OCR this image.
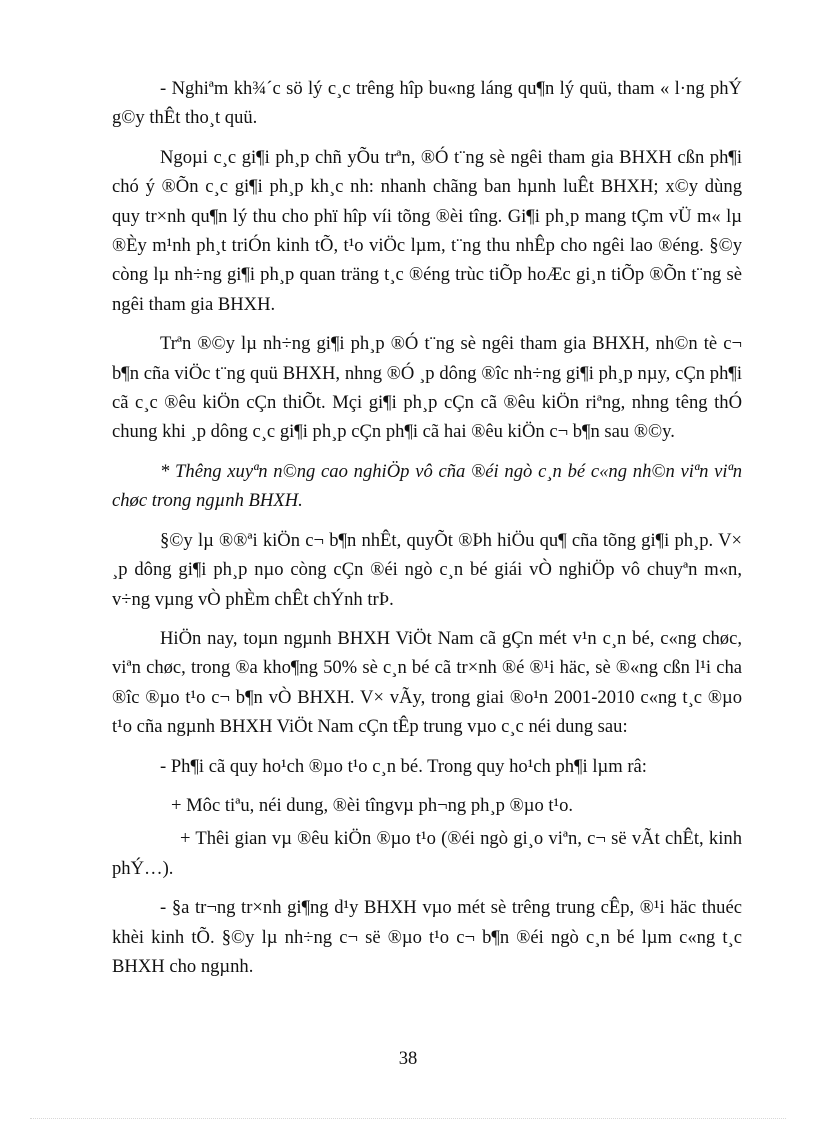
- Nghiªm kh¾´c sö lý c¸c trêng hîp bu«ng láng qu¶n lý quü, tham « l·ng phÝ g©y thÊt tho¸t quü.

Ngoµi c¸c gi¶i ph¸p chñ yÕu trªn, ®Ó t¨ng sè ngêi tham gia BHXH cßn ph¶i chó ý ®Õn c¸c gi¶i ph¸p kh¸c nh: nhanh chãng ban hµnh luÊt BHXH; x©y dùng quy tr×nh qu¶n lý thu cho phï hîp víi tõng ®èi tîng. Gi¶i ph¸p mang tÇm vÜ m« lµ ®Èy m¹nh ph¸t triÓn kinh tÕ, t¹o viÖc lµm, t¨ng thu nhÊp cho ngêi lao ®éng. §©y còng lµ nh÷ng gi¶i ph¸p quan träng t¸c ®éng trùc tiÕp hoÆc gi¸n tiÕp ®Õn t¨ng sè ngêi tham gia BHXH.

Trªn ®©y lµ nh÷ng gi¶i ph¸p ®Ó t¨ng sè ngêi tham gia BHXH, nh©n tè c¬ b¶n cña viÖc t¨ng quü BHXH, nhng ®Ó ¸p dông ®îc nh÷ng gi¶i ph¸p nµy, cÇn ph¶i cã c¸c ®êu kiÖn cÇn thiÕt. Mçi gi¶i ph¸p cÇn cã ®êu kiÖn riªng, nhng têng thÓ chung khi ¸p dông c¸c gi¶i ph¸p cÇn ph¶i cã hai ®êu kiÖn c¬ b¶n sau ®©y.

* Thêng xuyªn n©ng cao nghiÖp vô cña ®éi ngò c¸n bé c«ng nh©n viªn viªn chøc trong ngµnh BHXH.

§©y lµ ®®ªi kiÖn c¬ b¶n nhÊt, quyÕt ®Þh hiÖu qu¶ cña tõng gi¶i ph¸p. V× ¸p dông gi¶i ph¸p nµo còng cÇn ®éi ngò c¸n bé giái vÒ nghiÖp vô chuyªn m«n, v÷ng vµng vÒ phÈm chÊt chÝnh trÞ.

HiÖn nay, toµn ngµnh BHXH ViÖt Nam cã gÇn mét v¹n c¸n bé, c«ng chøc, viªn chøc, trong ®a kho¶ng 50% sè c¸n bé cã tr×nh ®é ®¹i häc, sè ®«ng cßn l¹i cha ®îc ®µo t¹o c¬ b¶n vÒ BHXH. V× vÃy, trong giai ®o¹n 2001-2010 c«ng t¸c ®µo t¹o cña ngµnh BHXH ViÖt Nam cÇn tÊp trung vµo c¸c néi dung sau:

- Ph¶i cã quy ho¹ch ®µo t¹o c¸n bé. Trong quy ho¹ch ph¶i lµm râ:

+ Môc tiªu, néi dung, ®èi tîngvµ ph¬ng ph¸p ®µo t¹o.

+ Thêi gian vµ ®êu kiÖn ®µo t¹o (®éi ngò gi¸o viªn, c¬ së vÃt chÊt, kinh phÝ…).

- §a tr¬ng tr×nh gi¶ng d¹y BHXH vµo mét sè trêng trung cÊp, ®¹i häc thuéc khèi kinh tÕ. §©y lµ nh÷ng c¬ së ®µo t¹o c¬ b¶n ®éi ngò c¸n bé lµm c«ng t¸c BHXH cho ngµnh.

38
